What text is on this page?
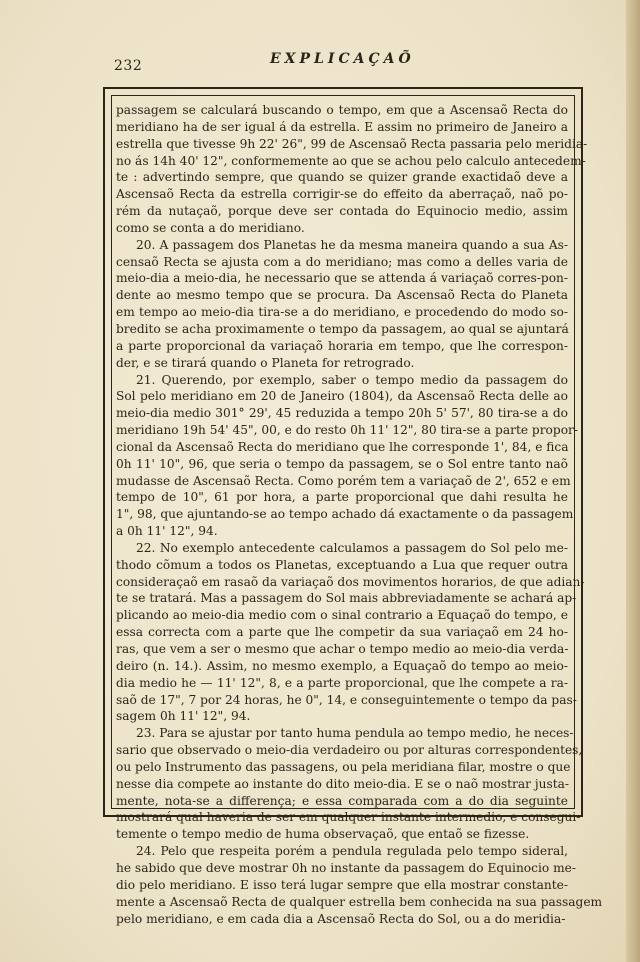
232	EXPLICAÇAÕ
passagem se calculará buscando o tempo, em que a Ascensaõ Recta do
meridiano ha de ser igual á da estrella. E assim no primeiro de Janeiro a
estrella que tivesse 9h 22' 26", 99 de Ascensaõ Recta passaria pelo meridia-
no ás 14h 40' 12", conformemente ao que se achou pelo calculo antecedem-
te : advertindo sempre, que quando se quizer grande exactidaõ deve a
Ascensaõ Recta da estrella corrigir-se do effeito da aberraçaõ, naõ po-
rém da nutaçaõ, porque deve ser contada do Equinocio medio, assim
como se conta a do meridiano.
20. A passagem dos Planetas he da mesma maneira quando a sua As-
censaõ Recta se ajusta com a do meridiano; mas como a delles varia de
meio-dia a meio-dia, he necessario que se attenda á variaçaõ corres-pon-
dente ao mesmo tempo que se procura. Da Ascensaõ Recta do Planeta
em tempo ao meio-dia tira-se a do meridiano, e procedendo do modo so-
bredito se acha proximamente o tempo da passagem, ao qual se ajuntará
a parte proporcional da variaçaõ horaria em tempo, que lhe correspon-
der, e se tirará quando o Planeta for retrogrado.
21. Querendo, por exemplo, saber o tempo medio da passagem do
Sol pelo meridiano em 20 de Janeiro (1804), da Ascensaõ Recta delle ao
meio-dia medio 301° 29', 45 reduzida a tempo 20h 5' 57', 80 tira-se a do
meridiano 19h 54' 45", 00, e do resto 0h 11' 12", 80 tira-se a parte propor-
cional da Ascensaõ Recta do meridiano que lhe corresponde 1', 84, e fica
0h 11' 10", 96, que seria o tempo da passagem, se o Sol entre tanto naõ
mudasse de Ascensaõ Recta. Como porém tem a variaçaõ de 2', 652 e em
tempo de 10", 61 por hora, a parte proporcional que dahi resulta he
1", 98, que ajuntando-se ao tempo achado dá exactamente o da passagem
a 0h 11' 12", 94.
22. No exemplo antecedente calculamos a passagem do Sol pelo me-
thodo cõmum a todos os Planetas, exceptuando a Lua que requer outra
consideraçaõ em rasaõ da variaçaõ dos movimentos horarios, de que adian-
te se tratará. Mas a passagem do Sol mais abbreviadamente se achará ap-
plicando ao meio-dia medio com o sinal contrario a Equaçaõ do tempo, e
essa correcta com a parte que lhe competir da sua variaçaõ em 24 ho-
ras, que vem a ser o mesmo que achar o tempo medio ao meio-dia verda-
deiro (n. 14.). Assim, no mesmo exemplo, a Equaçaõ do tempo ao meio-
dia medio he — 11' 12", 8, e a parte proporcional, que lhe compete a ra-
saõ de 17", 7 por 24 horas, he 0", 14, e conseguintemente o tempo da pas-
sagem 0h 11' 12", 94.
23. Para se ajustar por tanto huma pendula ao tempo medio, he neces-
sario que observado o meio-dia verdadeiro ou por alturas correspondentes,
ou pelo Instrumento das passagens, ou pela meridiana filar, mostre o que
nesse dia compete ao instante do dito meio-dia. E se o naõ mostrar justa-
mente, nota-se a differença; e essa comparada com a do dia seguinte
mostrará qual haveria de ser em qualquer instante intermedio, e consegui-
temente o tempo medio de huma observaçaõ, que entaõ se fizesse.
24. Pelo que respeita porém a pendula regulada pelo tempo sideral,
he sabido que deve mostrar 0h no instante da passagem do Equinocio me-
dio pelo meridiano. E isso terá lugar sempre que ella mostrar constante-
mente a Ascensaõ Recta de qualquer estrella bem conhecida na sua passagem
pelo meridiano, e em cada dia a Ascensaõ Recta do Sol, ou a do meridia-
